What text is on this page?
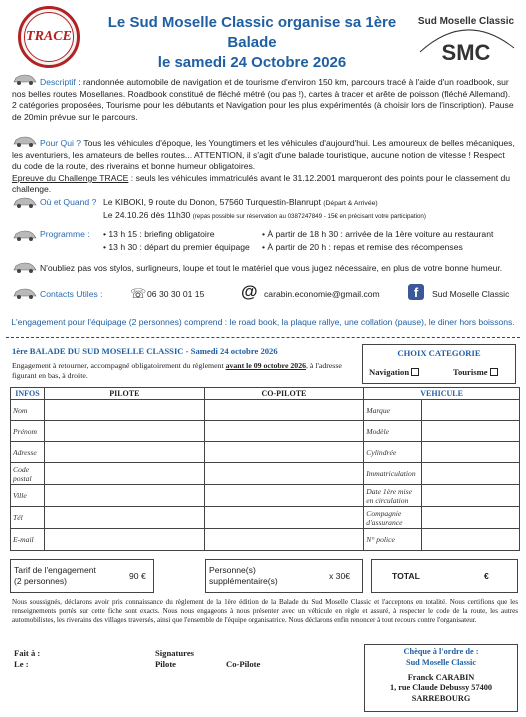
TRACE
Le Sud Moselle Classic organise sa 1ère Balade
le samedi 24 Octobre 2026
Sud Moselle Classic
SMC
Descriptif : randonnée automobile de navigation et de tourisme d'environ 150 km, parcours tracé à l'aide d'un roadbook, sur nos belles routes Mosellanes. Roadbook constitué de fléché métré (ou pas !), cartes à tracer et arête de poisson (fléché Allemand). 2 catégories proposées, Tourisme pour les débutants et Navigation pour les plus expérimentés (à choisir lors de l'inscription). Pause de 20min prévue sur le parcours.
Pour Qui ? Tous les véhicules d'époque, les Youngtimers et les véhicules d'aujourd'hui. Les amoureux de belles mécaniques, les aventuriers, les amateurs de belles routes... ATTENTION, il s'agit d'une balade touristique, aucune notion de vitesse ! Respect du code de la route, des riverains et bonne humeur obligatoires.
Epreuve du Challenge TRACE : seuls les véhicules immatriculés avant le 31.12.2001 marqueront des points pour le classement du challenge.
Où et Quand ? Le KIBOKI, 9 route du Donon, 57560 Turquestin-Blanrupt (Départ & Arrivée)
Le 24.10.26 dès 11h30 (repas possible sur réservation au 0387247849 - 15€ en précisant votre participation)
Programme : • 13 h 15 : briefing obligatoire
• 13 h 30 : départ du premier équipage
• À partir de 18 h 30 : arrivée de la 1ère voiture au restaurant
• À partir de 20 h : repas et remise des récompenses
N'oubliez pas vos stylos, surligneurs, loupe et tout le matériel que vous jugez nécessaire, en plus de votre bonne humeur.
Contacts Utiles : ☏ 06 30 30 01 15 @ carabin.economie@gmail.com	f	Sud Moselle Classic
L'engagement pour l'équipage (2 personnes) comprend : le road book, la plaque rallye, une collation (pause), le diner hors boissons.
1ère BALADE DU SUD MOSELLE CLASSIC - Samedi 24 octobre 2026
Engagement à retourner, accompagné obligatoirement du règlement avant le 09 octobre 2026, à l'adresse figurant en bas, à droite.
CHOIX CATEGORIE
Navigation	Tourisme
INFOS	PILOTE	CO-PILOTE	VEHICULE	
Nom			Marque	
Prénom			Modèle	
Adresse			Cylindrée	
Code postal			Immatriculation	
Ville			Date 1ère mise en circulation	
Tél			Compagnie d'assurance	
E-mail			N° police	
Tarif de l'engagement (2 personnes)	90 €
Personne(s) supplémentaire(s)	x 30€	TOTAL	€
Nous soussignés, déclarons avoir pris connaissance du règlement de la 1ère édition de la Balade du Sud Moselle Classic et l'acceptons en totalité. Nous certifions que les renseignements portés sur cette fiche sont exacts. Nous nous engageons à nous présenter avec un véhicule en règle et assuré, à respecter le code de la route, les autres automobilistes, les riverains des villages traversés, ainsi que l'ensemble de l'équipe organisatrice. Nous déclarons enfin renoncer à tout recours contre l'organisateur.
Fait à :
Le :
Signatures
Pilote	Co-Pilote
Chèque à l'ordre de :
Sud Moselle Classic
Franck CARABIN
1, rue Claude Debussy 57400
SARREBOURG
